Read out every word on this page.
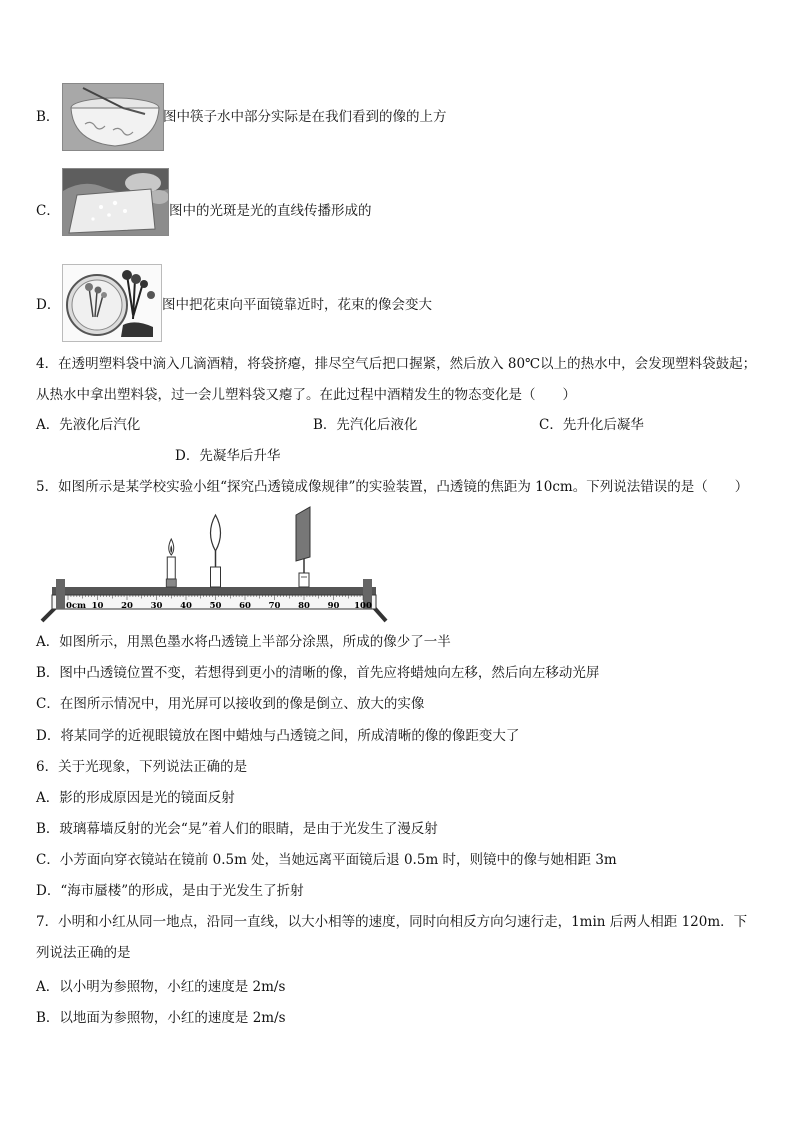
B．	图中筷子水中部分实际是在我们看到的像的上方
C．	图中的光斑是光的直线传播形成的
D．	图中把花束向平面镜靠近时，花束的像会变大
4．在透明塑料袋中滴入几滴酒精，将袋挤瘪，排尽空气后把口握紧，然后放入 80℃以上的热水中，会发现塑料袋鼓起；
从热水中拿出塑料袋，过一会儿塑料袋又瘪了。在此过程中酒精发生的物态变化是（　　）
A．先液化后汽化	B．先汽化后液化	C．先升化后凝华
D．先凝华后升华
5．如图所示是某学校实验小组“探究凸透镜成像规律”的实验装置，凸透镜的焦距为 10cm。下列说法错误的是（　　）
0cm 10 20 30 40 50 60 70 80 90 100
A．如图所示，用黑色墨水将凸透镜上半部分涂黑，所成的像少了一半
B．图中凸透镜位置不变，若想得到更小的清晰的像，首先应将蜡烛向左移，然后向左移动光屏
C．在图所示情况中，用光屏可以接收到的像是倒立、放大的实像
D．将某同学的近视眼镜放在图中蜡烛与凸透镜之间，所成清晰的像的像距变大了
6．关于光现象，下列说法正确的是
A．影的形成原因是光的镜面反射
B．玻璃幕墙反射的光会“晃”着人们的眼睛，是由于光发生了漫反射
C．小芳面向穿衣镜站在镜前 0.5m 处，当她远离平面镜后退 0.5m 时，则镜中的像与她相距 3m
D．“海市蜃楼”的形成，是由于光发生了折射
7．小明和小红从同一地点，沿同一直线，以大小相等的速度，同时向相反方向匀速行走，1min 后两人相距 120m．下
列说法正确的是
A．以小明为参照物，小红的速度是 2m/s
B．以地面为参照物，小红的速度是 2m/s
